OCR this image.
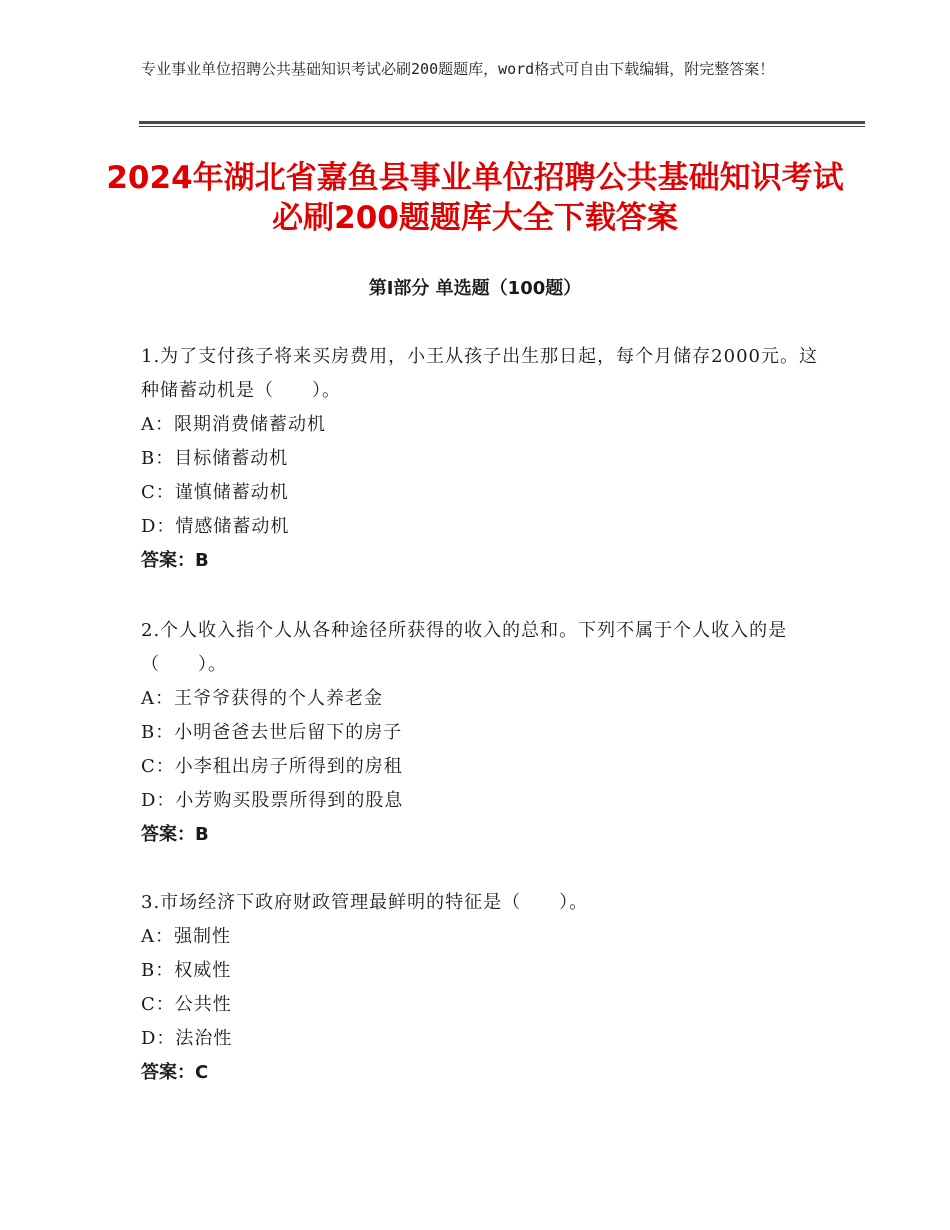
专业事业单位招聘公共基础知识考试必刷200题题库，word格式可自由下载编辑，附完整答案！
2024年湖北省嘉鱼县事业单位招聘公共基础知识考试必刷200题题库大全下载答案
第Ⅰ部分 单选题（100题）
1.为了支付孩子将来买房费用，小王从孩子出生那日起，每个月储存2000元。这种储蓄动机是（　　）。
A：限期消费储蓄动机
B：目标储蓄动机
C：谨慎储蓄动机
D：情感储蓄动机
答案：B
2.个人收入指个人从各种途径所获得的收入的总和。下列不属于个人收入的是（　　）。
A：王爷爷获得的个人养老金
B：小明爸爸去世后留下的房子
C：小李租出房子所得到的房租
D：小芳购买股票所得到的股息
答案：B
3.市场经济下政府财政管理最鲜明的特征是（　　）。
A：强制性
B：权威性
C：公共性
D：法治性
答案：C
